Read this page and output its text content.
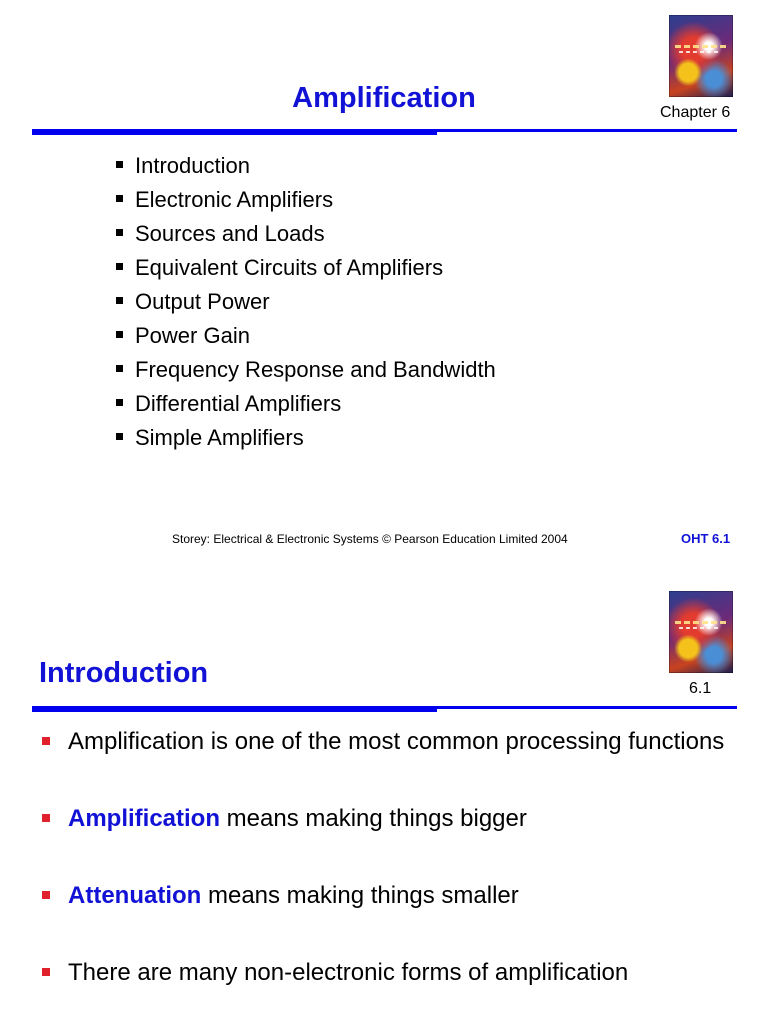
Amplification	Chapter 6
Introduction
Electronic Amplifiers
Sources and Loads
Equivalent Circuits of Amplifiers
Output Power
Power Gain
Frequency Response and Bandwidth
Differential Amplifiers
Simple Amplifiers
Storey: Electrical & Electronic Systems © Pearson Education Limited 2004	OHT 6.1
Introduction	6.1
Amplification is one of the most common processing functions
Amplification means making things bigger
Attenuation means making things smaller
There are many non-electronic forms of amplification
